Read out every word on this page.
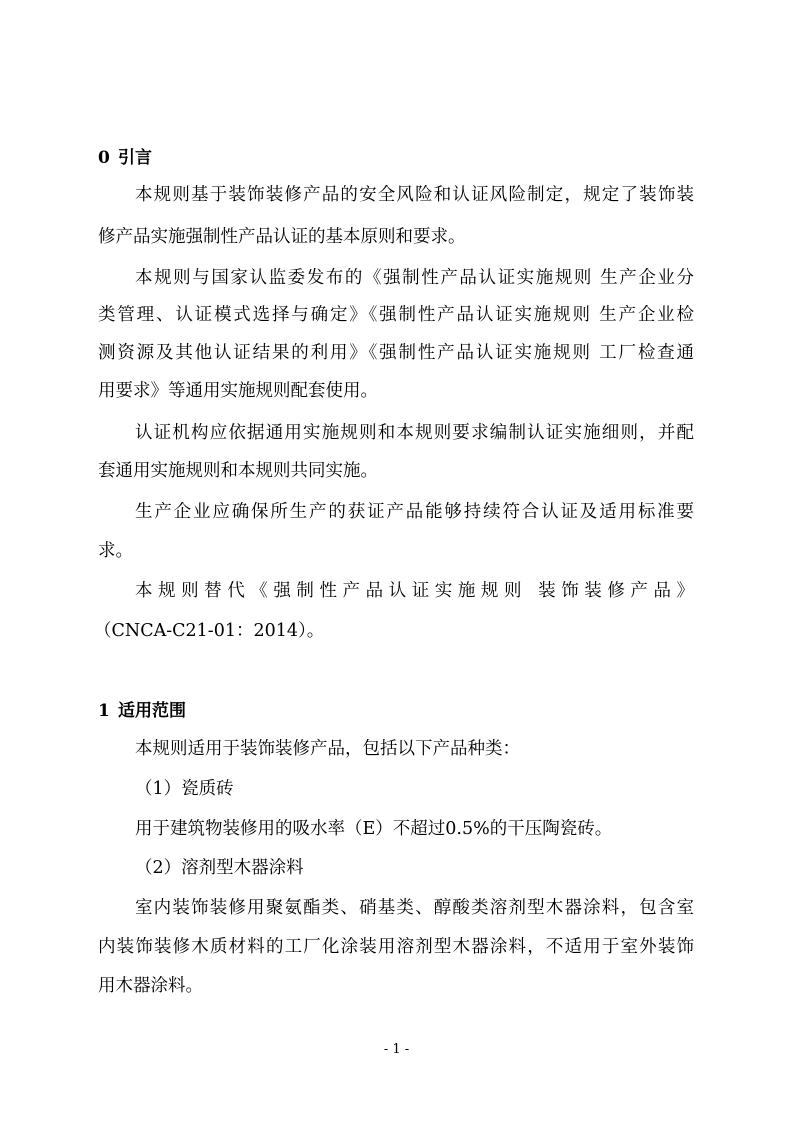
0 引言
本规则基于装饰装修产品的安全风险和认证风险制定，规定了装饰装
修产品实施强制性产品认证的基本原则和要求。
本规则与国家认监委发布的《强制性产品认证实施规则 生产企业分
类管理、认证模式选择与确定》《强制性产品认证实施规则 生产企业检
测资源及其他认证结果的利用》《强制性产品认证实施规则 工厂检查通
用要求》等通用实施规则配套使用。
认证机构应依据通用实施规则和本规则要求编制认证实施细则，并配
套通用实施规则和本规则共同实施。
生产企业应确保所生产的获证产品能够持续符合认证及适用标准要
求。
本规则替代《强制性产品认证实施规则 装饰装修产品》
（CNCA-C21-01：2014）。
1 适用范围
本规则适用于装饰装修产品，包括以下产品种类：
（1）瓷质砖
用于建筑物装修用的吸水率（E）不超过0.5%的干压陶瓷砖。
（2）溶剂型木器涂料
室内装饰装修用聚氨酯类、硝基类、醇酸类溶剂型木器涂料，包含室
内装饰装修木质材料的工厂化涂装用溶剂型木器涂料，不适用于室外装饰
用木器涂料。
- 1 -
